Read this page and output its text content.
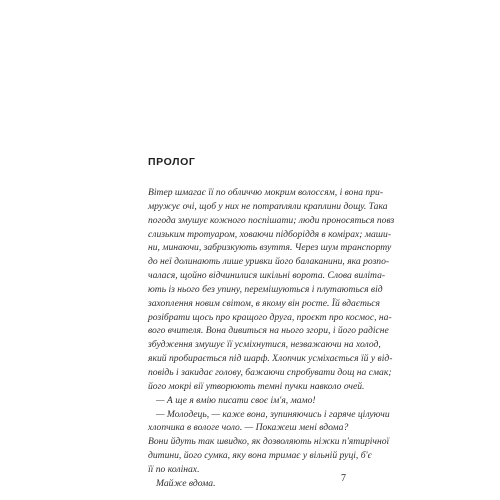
ПРОЛОГ
Вітер шмагає її по обличчю мокрим волоссям, і вона при-
мружує очі, щоб у них не потрапляли краплини дощу. Така
погода змушує кожного поспішати; люди проносяться повз
слизьким тротуаром, ховаючи підборіддя в комірах; маши-
ни, минаючи, забризкують взуття. Через шум транспорту
до неї долинають лише уривки його балаканини, яка розпо-
чалася, щойно відчинилися шкільні ворота. Слова виліта-
ють із нього без упину, перемішуються і плутаються від
захоплення новим світом, в якому він росте. Їй вдається
розібрати щось про кращого друга, проєкт про космос, на-
вого вчителя. Вона дивиться на нього згори, і його радісне
збудження змушує її усміхнутися, незважаючи на холод,
який пробирається під шарф. Хлопчик усміхається їй у від-
повідь і закидає голову, бажаючи спробувати дощ на смак;
його мокрі вії утворюють темні пучки навколо очей.
— А ще я вмію писати своє ім'я, мамо!
— Молодець, — каже вона, зупиняючись і гаряче цілуючи
хлопчика в вологе чоло. — Покажеш мені вдома?
Вони йдуть так швидко, як дозволяють ніжки п'ятирічної
дитини, його сумка, яку вона тримає у вільній руці, б'є
її по колінах.
Майже вдома.	7
